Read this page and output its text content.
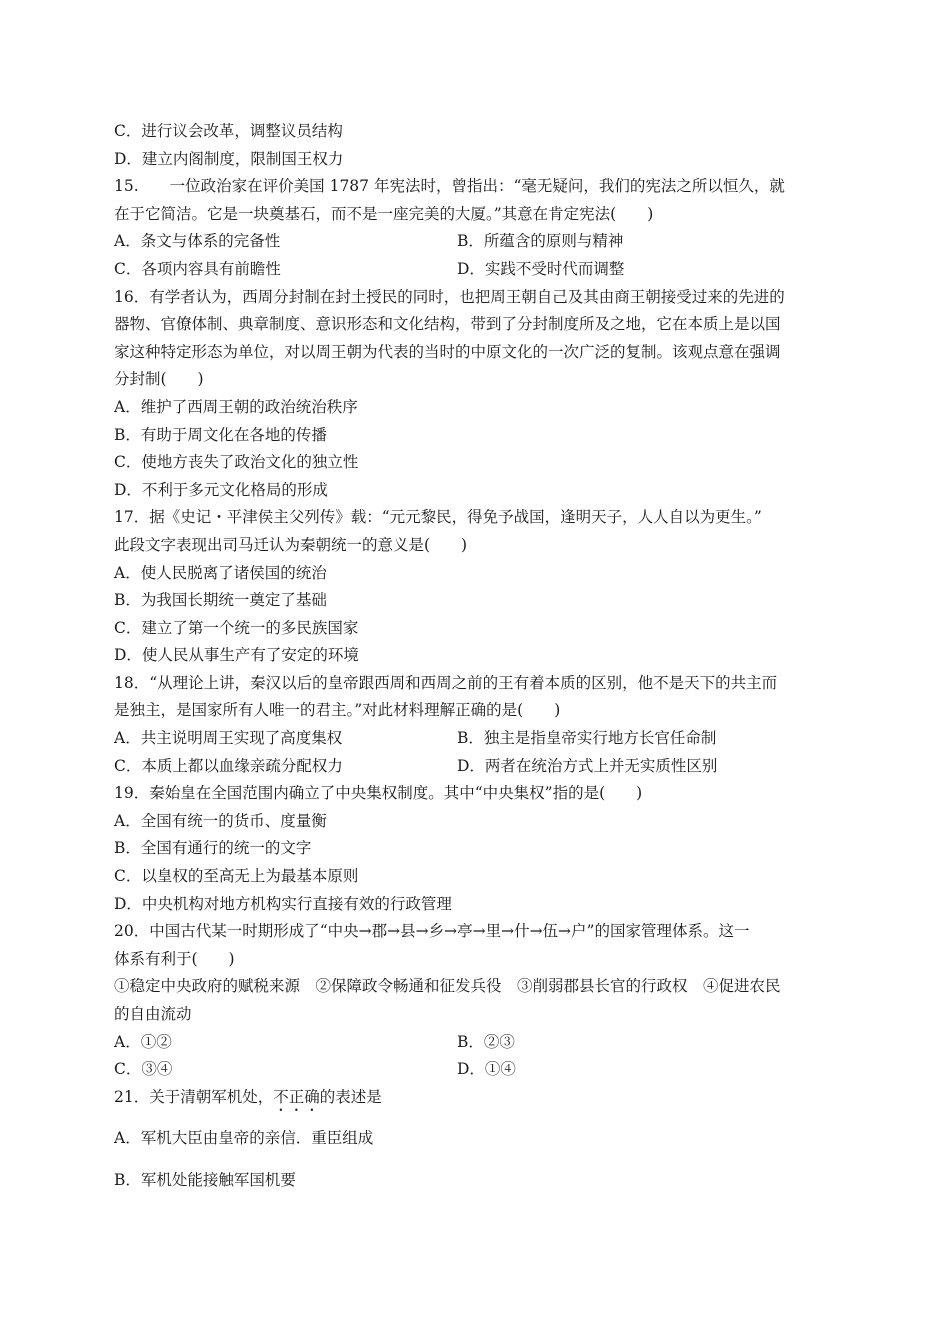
C．进行议会改革，调整议员结构
D．建立内阁制度，限制国王权力
15.　　一位政治家在评价美国 1787 年宪法时，曾指出：“毫无疑问，我们的宪法之所以恒久，就
在于它简洁。它是一块奠基石，而不是一座完美的大厦。”其意在肯定宪法(　　)
A．条文与体系的完备性	B．所蕴含的原则与精神
C．各项内容具有前瞻性	D．实践不受时代而调整
16．有学者认为，西周分封制在封土授民的同时，也把周王朝自己及其由商王朝接受过来的先进的
器物、官僚体制、典章制度、意识形态和文化结构，带到了分封制度所及之地，它在本质上是以国
家这种特定形态为单位，对以周王朝为代表的当时的中原文化的一次广泛的复制。该观点意在强调
分封制(　　)
A．维护了西周王朝的政治统治秩序
B．有助于周文化在各地的传播
C．使地方丧失了政治文化的独立性
D．不利于多元文化格局的形成
17．据《史记・平津侯主父列传》载：“元元黎民，得免予战国，逢明天子，人人自以为更生。”
此段文字表现出司马迁认为秦朝统一的意义是(　　)
A．使人民脱离了诸侯国的统治
B．为我国长期统一奠定了基础
C．建立了第一个统一的多民族国家
D．使人民从事生产有了安定的环境
18．“从理论上讲，秦汉以后的皇帝跟西周和西周之前的王有着本质的区别，他不是天下的共主而
是独主，是国家所有人唯一的君主。”对此材料理解正确的是(　　)
A．共主说明周王实现了高度集权	B．独主是指皇帝实行地方长官任命制
C．本质上都以血缘亲疏分配权力	D．两者在统治方式上并无实质性区别
19．秦始皇在全国范围内确立了中央集权制度。其中“中央集权”指的是(　　)
A．全国有统一的货币、度量衡
B．全国有通行的统一的文字
C．以皇权的至高无上为最基本原则
D．中央机构对地方机构实行直接有效的行政管理
20．中国古代某一时期形成了“中央→郡→县→乡→亭→里→什→伍→户”的国家管理体系。这一
体系有利于(　　)
①稳定中央政府的赋税来源　②保障政令畅通和征发兵役　③削弱郡县长官的行政权　④促进农民
的自由流动
A．①②	B．②③
C．③④	D．①④
21．关于清朝军机处，不正确的表述是
A．军机大臣由皇帝的亲信．重臣组成
B．军机处能接触军国机要
